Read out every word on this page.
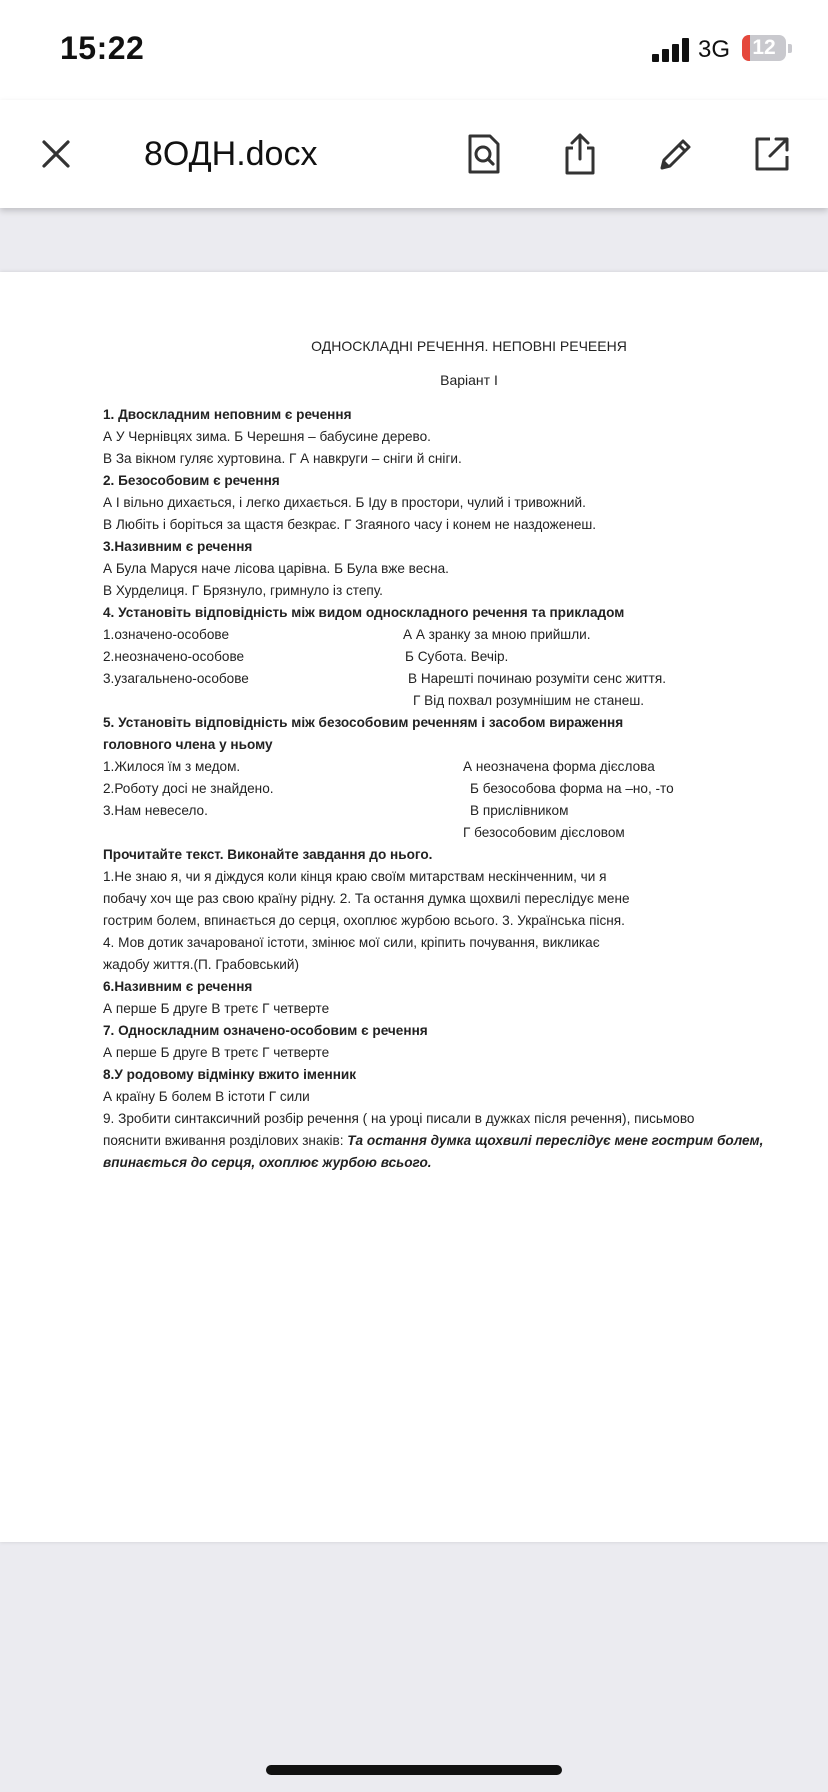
15:22	3G	12
8ОДН.docx
ОДНОСКЛАДНІ РЕЧЕННЯ. НЕПОВНІ РЕЧЕЕНЯ
Варіант І
1. Двоскладним неповним є речення
А У Чернівцях зима. Б Черешня – бабусине дерево.
В За вікном гуляє хуртовина. Г А навкруги – сніги й сніги.
2. Безособовим є речення
А І вільно дихається, і легко дихається. Б Іду в простори, чулий і тривожний.
В Любіть і боріться за щастя безкрає. Г Згаяного часу і конем не наздоженеш.
3.Називним є речення
А Була Маруся наче лісова царівна. Б Була вже весна.
В Хурделиця. Г Брязнуло, гримнуло із степу.
4. Установіть відповідність між видом односкладного речення та прикладом
1.означено-особове	А А зранку за мною прийшли.
2.неозначено-особове	Б Субота. Вечір.
3.узагальнено-особове	В Нарешті починаю розуміти сенс життя.
Г Від похвал розумнішим не станеш.
5. Установіть відповідність між безособовим реченням і засобом вираження
головного члена у ньому
1.Жилося їм з медом.	А неозначена форма дієслова
2.Роботу досі не знайдено.	Б безособова форма на –но, -то
3.Нам невесело.	В прислівником
Г безособовим дієсловом
Прочитайте текст. Виконайте завдання до нього.
1.Не знаю я, чи я діждуся коли кінця краю своїм митарствам нескінченним, чи я
побачу хоч ще раз свою країну рідну. 2. Та остання думка щохвилі переслідує мене
гострим болем, впинається до серця, охоплює журбою всього. 3. Українська пісня.
4. Мов дотик зачарованої істоти, змінює мої сили, кріпить почування, викликає
жадобу життя.(П. Грабовський)
6.Називним є речення
А перше Б друге В третє Г четверте
7. Односкладним означено-особовим є речення
А перше Б друге В третє Г четверте
8.У родовому відмінку вжито іменник
А країну Б болем В істоти Г сили
9. Зробити синтаксичний розбір речення ( на уроці писали в дужках після речення), письмово
пояснити вживання розділових знаків: Та остання думка щохвилі переслідує мене гострим болем,
впинається до серця, охоплює журбою всього.
